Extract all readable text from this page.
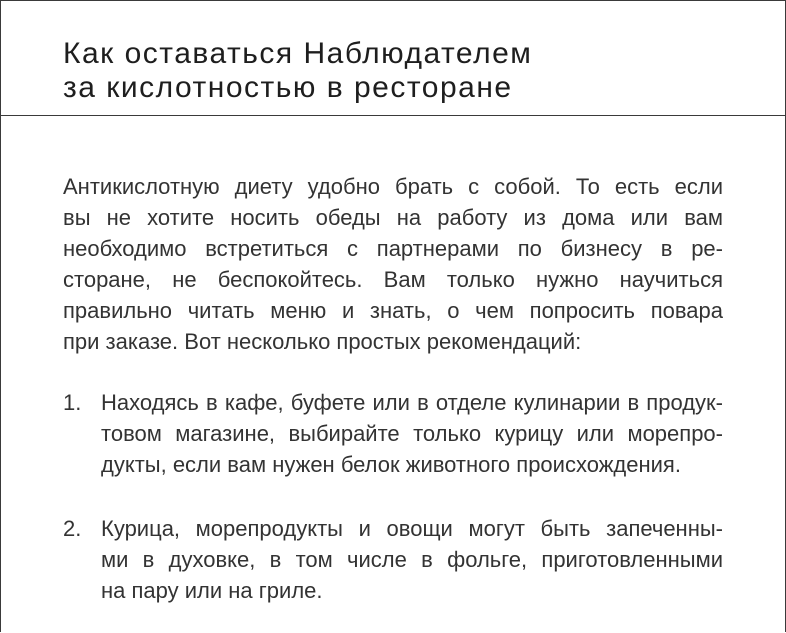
Как оставаться Наблюдателем
за кислотностью в ресторане

Антикислотную диету удобно брать с собой. То есть если
вы не хотите носить обеды на работу из дома или вам
необходимо встретиться с партнерами по бизнесу в ре-
сторане, не беспокойтесь. Вам только нужно научиться
правильно читать меню и знать, о чем попросить повара
при заказе. Вот несколько простых рекомендаций:

1. Находясь в кафе, буфете или в отделе кулинарии в продук-
товом магазине, выбирайте только курицу или морепро-
дукты, если вам нужен белок животного происхождения.
2. Курица, морепродукты и овощи могут быть запеченны-
ми в духовке, в том числе в фольге, приготовленными
на пару или на гриле.
